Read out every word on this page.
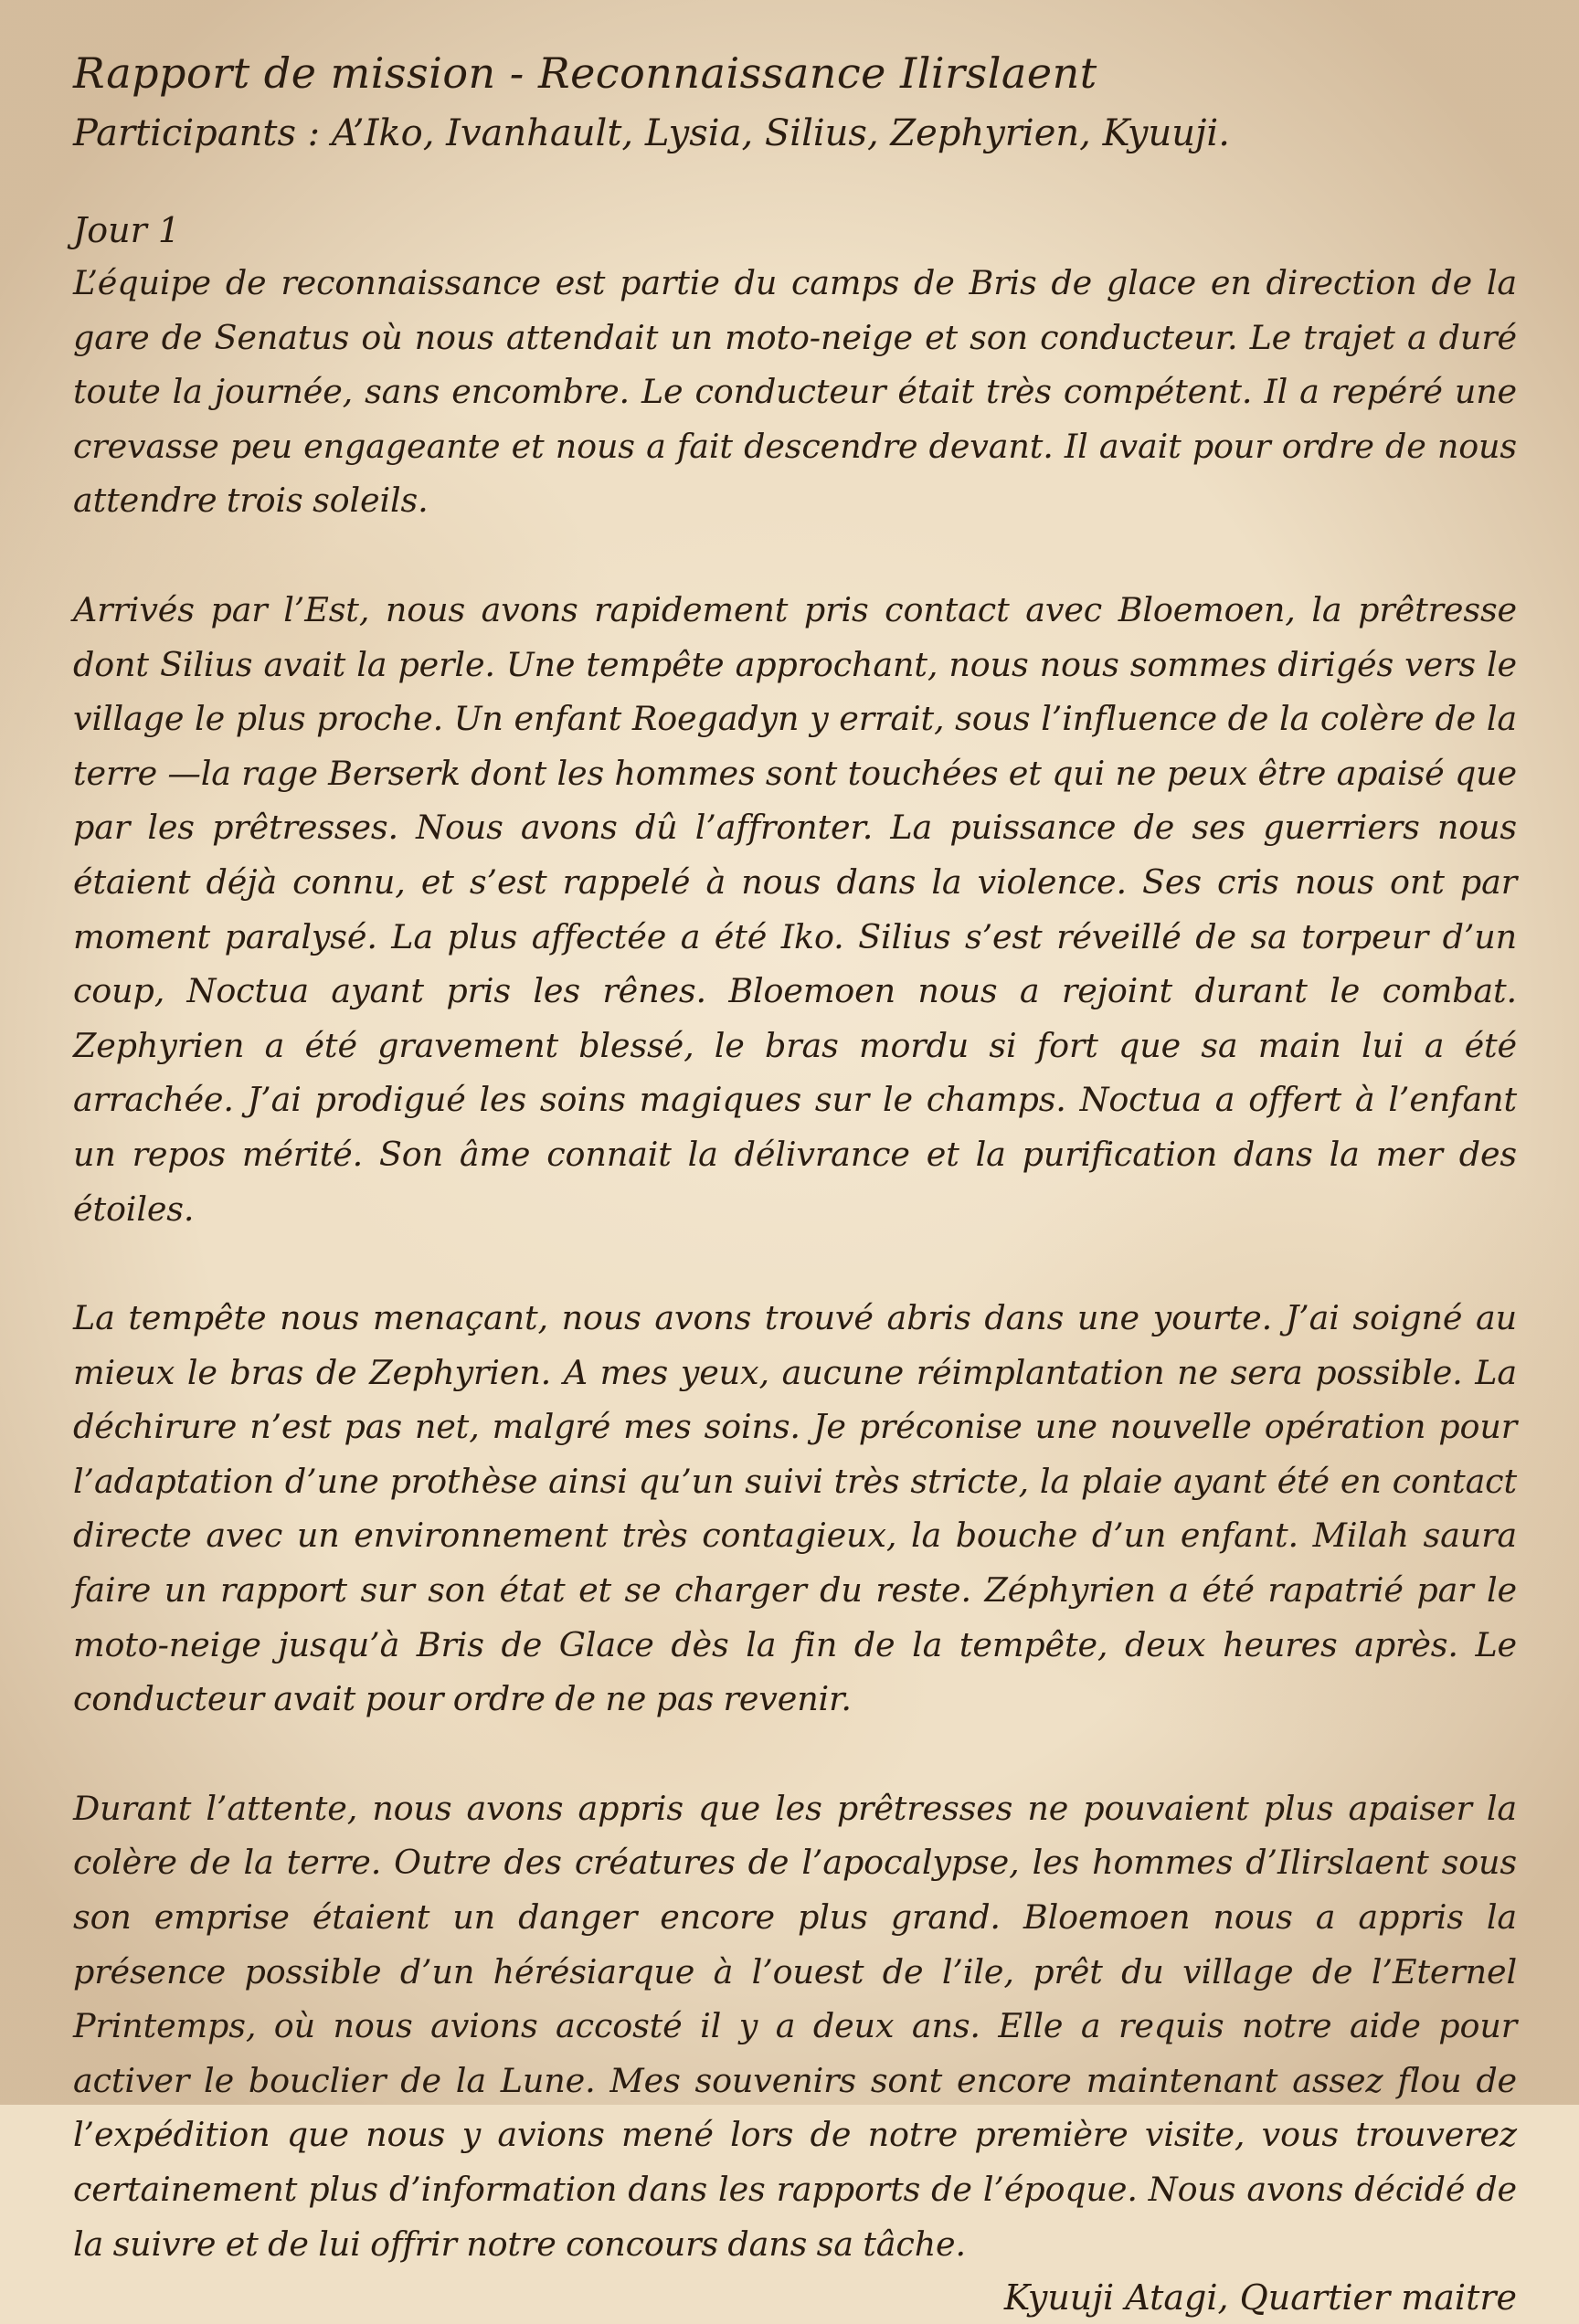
Rapport de mission - Reconnaissance Ilirslaent

Participants : A’Iko, Ivanhault, Lysia, Silius, Zephyrien, Kyuuji.

Jour 1

L’équipe de reconnaissance est partie du camps de Bris de glace en direction de la gare de Senatus où nous attendait un moto-neige et son conducteur. Le trajet a duré toute la journée, sans encombre. Le conducteur était très compétent. Il a repéré une crevasse peu engageante et nous a fait descendre devant. Il avait pour ordre de nous attendre trois soleils.

Arrivés par l’Est, nous avons rapidement pris contact avec Bloemoen, la prêtresse dont Silius avait la perle. Une tempête approchant, nous nous sommes dirigés vers le village le plus proche. Un enfant Roegadyn y errait, sous l’influence de la colère de la terre —la rage Berserk dont les hommes sont touchées et qui ne peux être apaisé que par les prêtresses. Nous avons dû l’affronter. La puissance de ses guerriers nous étaient déjà connu, et s’est rappelé à nous dans la violence. Ses cris nous ont par moment paralysé. La plus affectée a été Iko. Silius s’est réveillé de sa torpeur d’un coup, Noctua ayant pris les rênes. Bloemoen nous a rejoint durant le combat. Zephyrien a été gravement blessé, le bras mordu si fort que sa main lui a été arrachée. J’ai prodigué les soins magiques sur le champs. Noctua a offert à l’enfant un repos mérité. Son âme connait la délivrance et la purification dans la mer des étoiles.

La tempête nous menaçant, nous avons trouvé abris dans une yourte. J’ai soigné au mieux le bras de Zephyrien. A mes yeux, aucune réimplantation ne sera possible. La déchirure n’est pas net, malgré mes soins. Je préconise une nouvelle opération pour l’adaptation d’une prothèse ainsi qu’un suivi très stricte, la plaie ayant été en contact directe avec un environnement très contagieux, la bouche d’un enfant. Milah saura faire un rapport sur son état et se charger du reste. Zéphyrien a été rapatrié par le moto-neige jusqu’à Bris de Glace dès la fin de la tempête, deux heures après. Le conducteur avait pour ordre de ne pas revenir.

Durant l’attente, nous avons appris que les prêtresses ne pouvaient plus apaiser la colère de la terre. Outre des créatures de l’apocalypse, les hommes d’Ilirslaent sous son emprise étaient un danger encore plus grand. Bloemoen nous a appris la présence possible d’un hérésiarque à l’ouest de l’ile, prêt du village de l’Eternel Printemps, où nous avions accosté il y a deux ans. Elle a requis notre aide pour activer le bouclier de la Lune. Mes souvenirs sont encore maintenant assez flou de l’expédition que nous y avions mené lors de notre première visite, vous trouverez certainement plus d’information dans les rapports de l’époque. Nous avons décidé de la suivre et de lui offrir notre concours dans sa tâche.

Kyuuji Atagi, Quartier maitre
